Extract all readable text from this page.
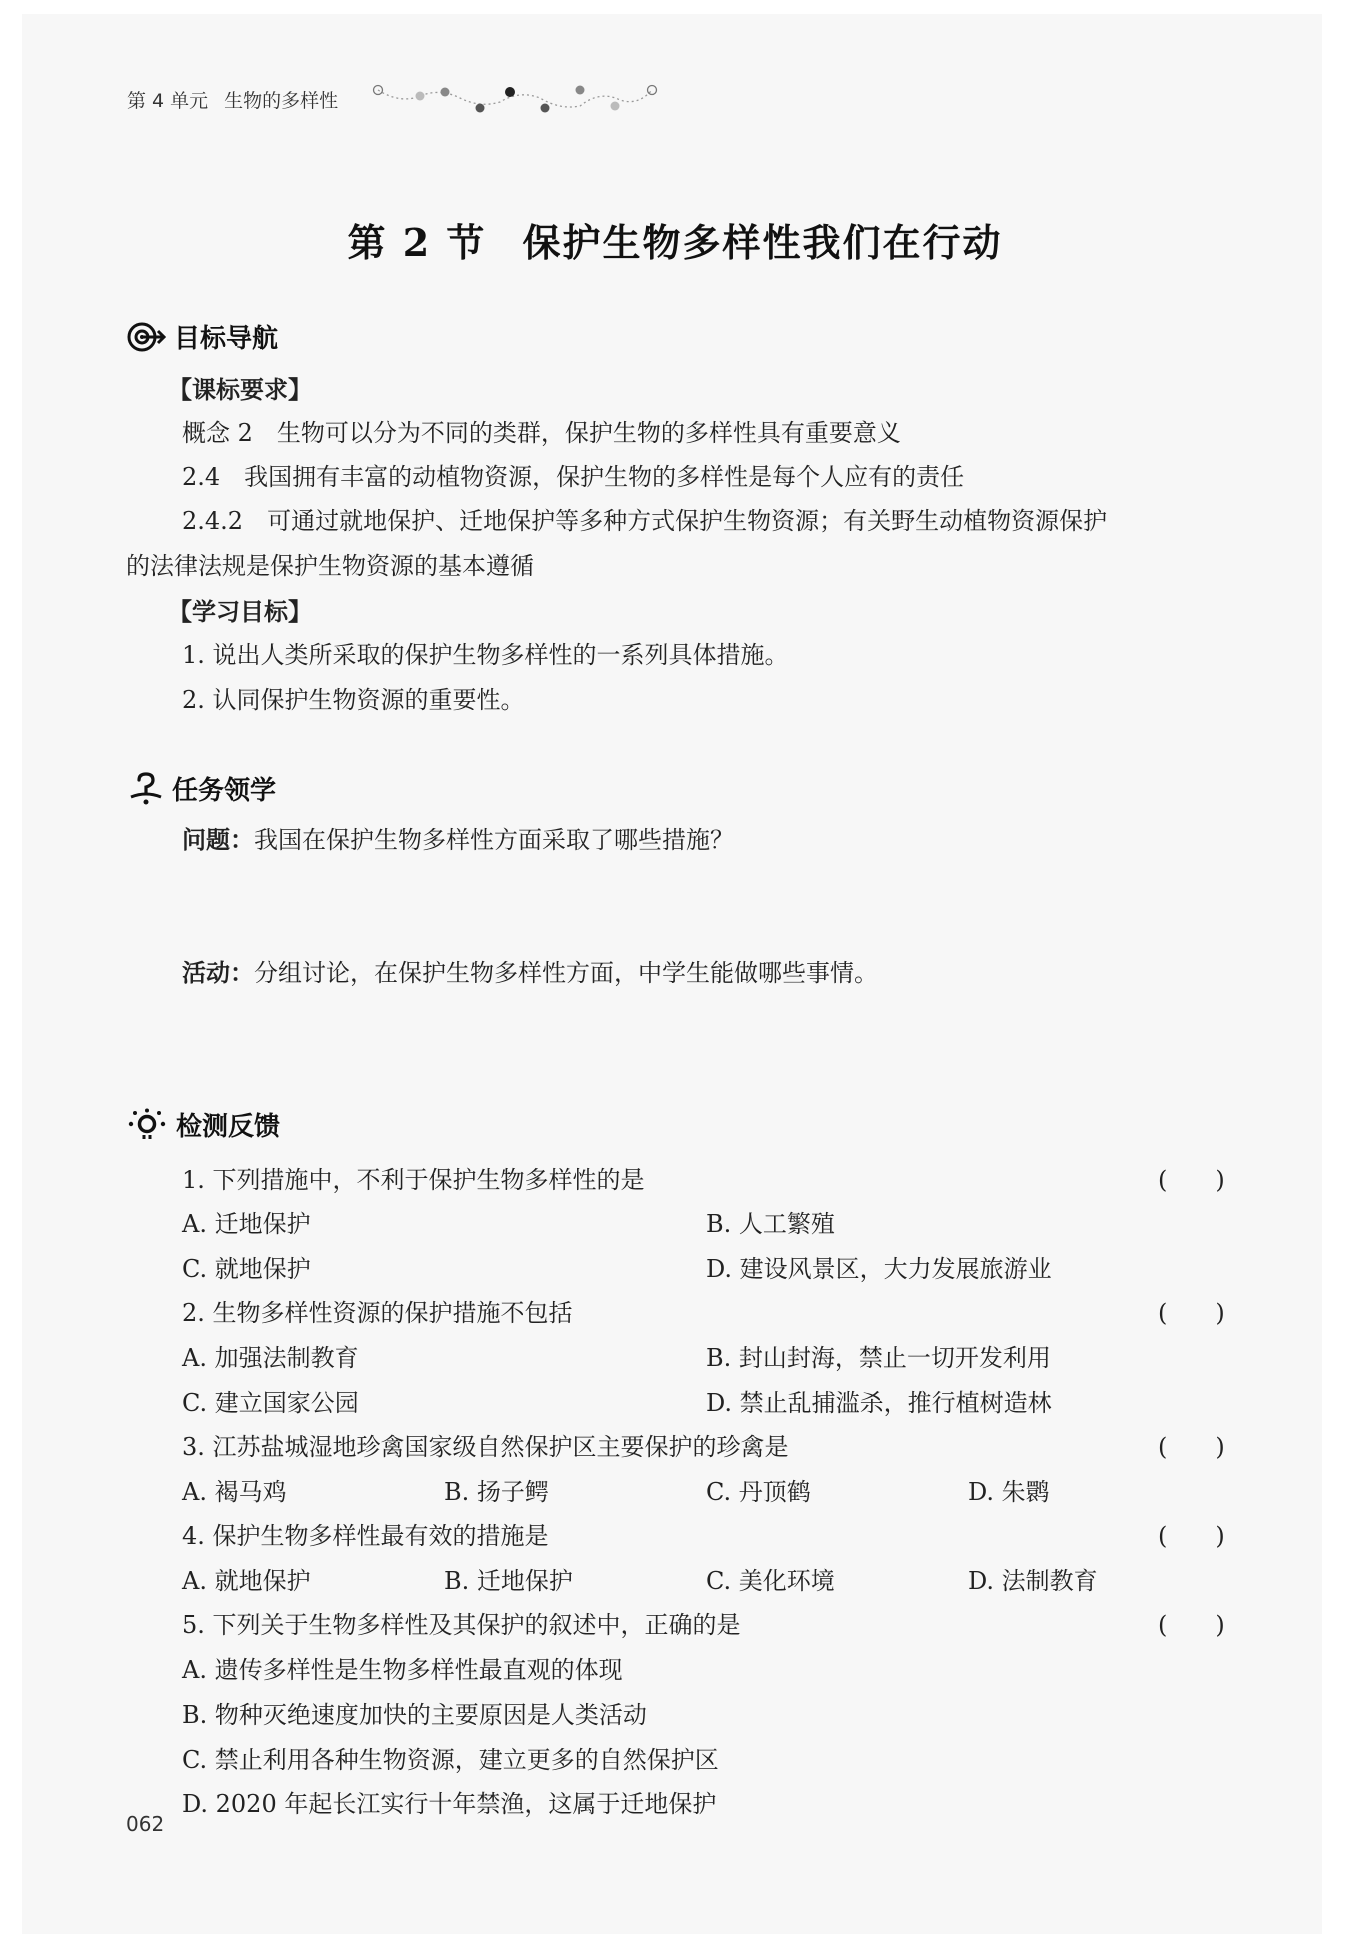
第 4 单元 生物的多样性
第 2 节 保护生物多样性我们在行动
目标导航
【课标要求】
概念 2　生物可以分为不同的类群，保护生物的多样性具有重要意义
2.4　我国拥有丰富的动植物资源，保护生物的多样性是每个人应有的责任
2.4.2　可通过就地保护、迁地保护等多种方式保护生物资源；有关野生动植物资源保护
的法律法规是保护生物资源的基本遵循
【学习目标】
1. 说出人类所采取的保护生物多样性的一系列具体措施。
2. 认同保护生物资源的重要性。
任务领学
问题：我国在保护生物多样性方面采取了哪些措施？
活动：分组讨论，在保护生物多样性方面，中学生能做哪些事情。
检测反馈
1. 下列措施中，不利于保护生物多样性的是	(　　)
A. 迁地保护	B. 人工繁殖
C. 就地保护	D. 建设风景区，大力发展旅游业
2. 生物多样性资源的保护措施不包括	(　　)
A. 加强法制教育	B. 封山封海，禁止一切开发利用
C. 建立国家公园	D. 禁止乱捕滥杀，推行植树造林
3. 江苏盐城湿地珍禽国家级自然保护区主要保护的珍禽是	(　　)
A. 褐马鸡	B. 扬子鳄	C. 丹顶鹤	D. 朱鹮
4. 保护生物多样性最有效的措施是	(　　)
A. 就地保护	B. 迁地保护	C. 美化环境	D. 法制教育
5. 下列关于生物多样性及其保护的叙述中，正确的是	(　　)
A. 遗传多样性是生物多样性最直观的体现
B. 物种灭绝速度加快的主要原因是人类活动
C. 禁止利用各种生物资源，建立更多的自然保护区
D. 2020 年起长江实行十年禁渔，这属于迁地保护
062
